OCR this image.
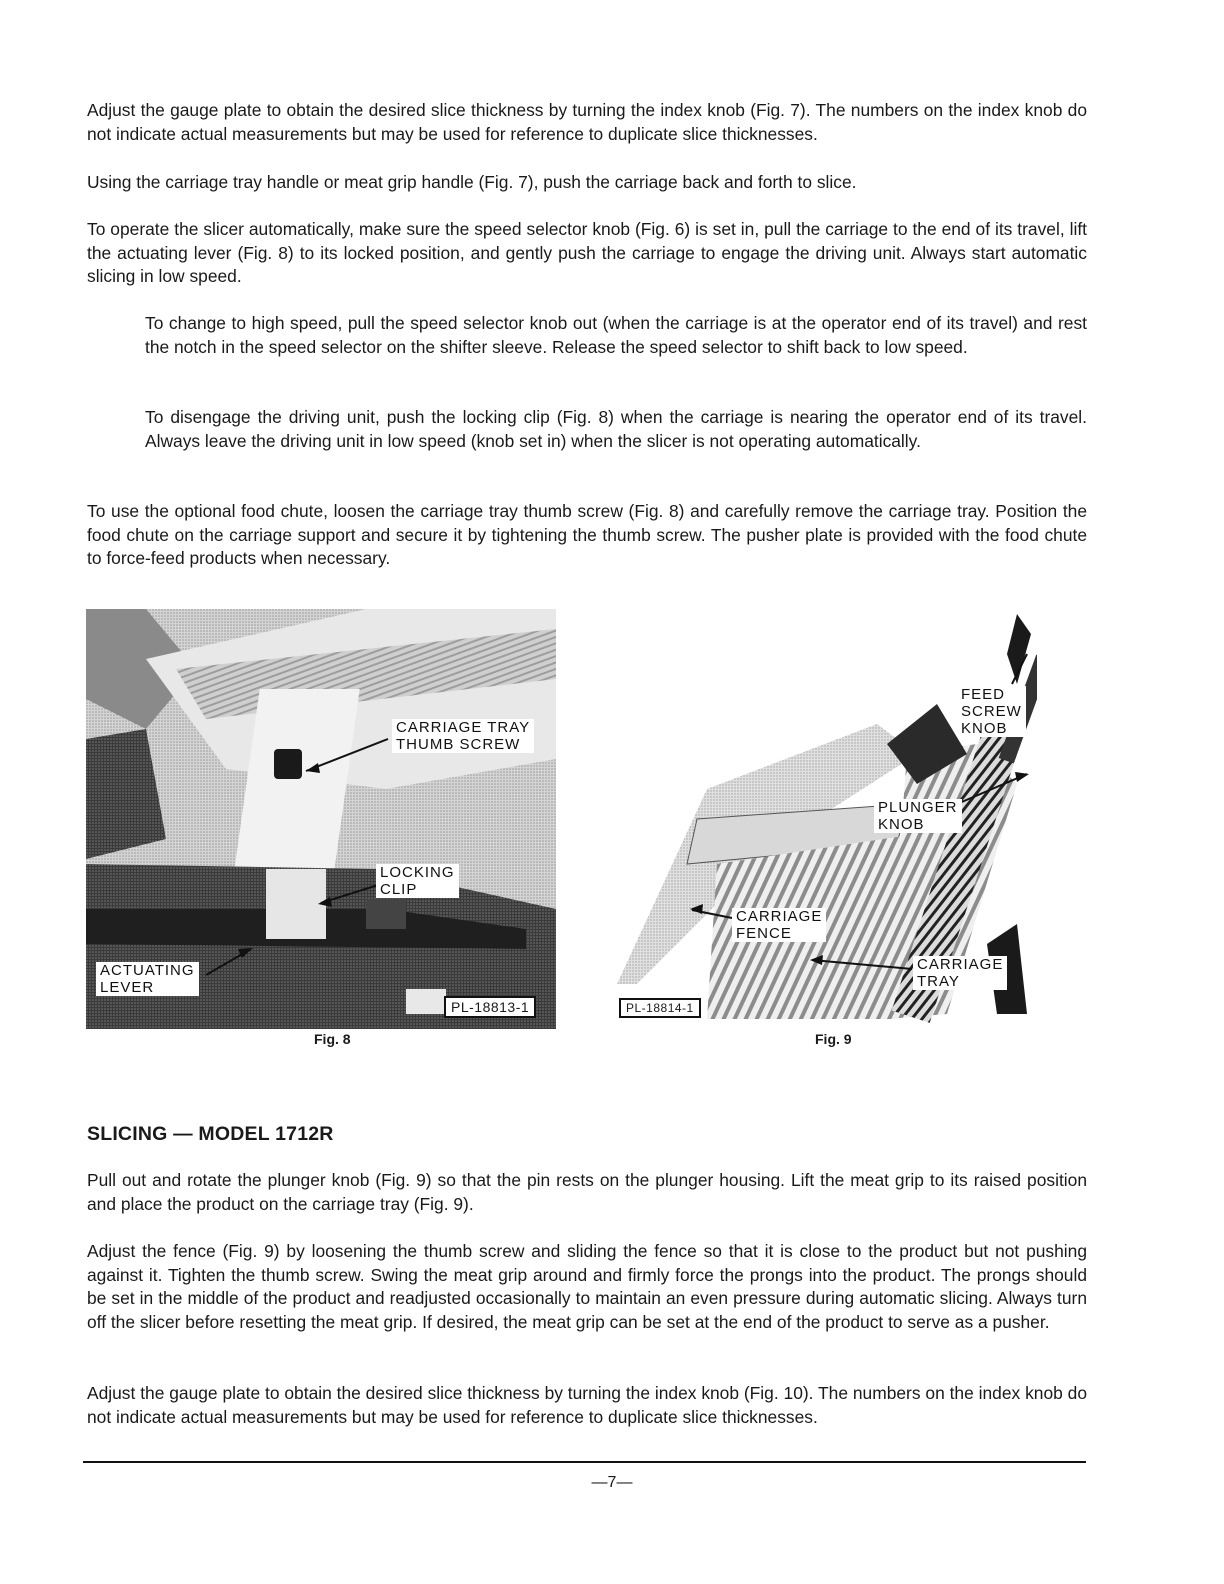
Adjust the gauge plate to obtain the desired slice thickness by turning the index knob (Fig. 7). The numbers on the index knob do not indicate actual measurements but may be used for reference to duplicate slice thicknesses.

Using the carriage tray handle or meat grip handle (Fig. 7), push the carriage back and forth to slice.

To operate the slicer automatically, make sure the speed selector knob (Fig. 6) is set in, pull the carriage to the end of its travel, lift the actuating lever (Fig. 8) to its locked position, and gently push the carriage to engage the driving unit. Always start automatic slicing in low speed.

To change to high speed, pull the speed selector knob out (when the carriage is at the operator end of its travel) and rest the notch in the speed selector on the shifter sleeve. Release the speed selector to shift back to low speed.

To disengage the driving unit, push the locking clip (Fig. 8) when the carriage is nearing the operator end of its travel. Always leave the driving unit in low speed (knob set in) when the slicer is not operating automatically.

To use the optional food chute, loosen the carriage tray thumb screw (Fig. 8) and carefully remove the carriage tray. Position the food chute on the carriage support and secure it by tightening the thumb screw. The pusher plate is provided with the food chute to force-feed products when necessary.

CARRIAGE TRAY
THUMB SCREW
LOCKING
CLIP
ACTUATING
LEVER
PL-18813-1
Fig. 8
FEED
SCREW
KNOB
PLUNGER
KNOB
CARRIAGE
FENCE
CARRIAGE
TRAY
PL-18814-1
Fig. 9
SLICING — MODEL 1712R

Pull out and rotate the plunger knob (Fig. 9) so that the pin rests on the plunger housing. Lift the meat grip to its raised position and place the product on the carriage tray (Fig. 9).

Adjust the fence (Fig. 9) by loosening the thumb screw and sliding the fence so that it is close to the product but not pushing against it. Tighten the thumb screw. Swing the meat grip around and firmly force the prongs into the product. The prongs should be set in the middle of the product and readjusted occasionally to maintain an even pressure during automatic slicing. Always turn off the slicer before resetting the meat grip. If desired, the meat grip can be set at the end of the product to serve as a pusher.

Adjust the gauge plate to obtain the desired slice thickness by turning the index knob (Fig. 10). The numbers on the index knob do not indicate actual measurements but may be used for reference to duplicate slice thicknesses.

—7—
